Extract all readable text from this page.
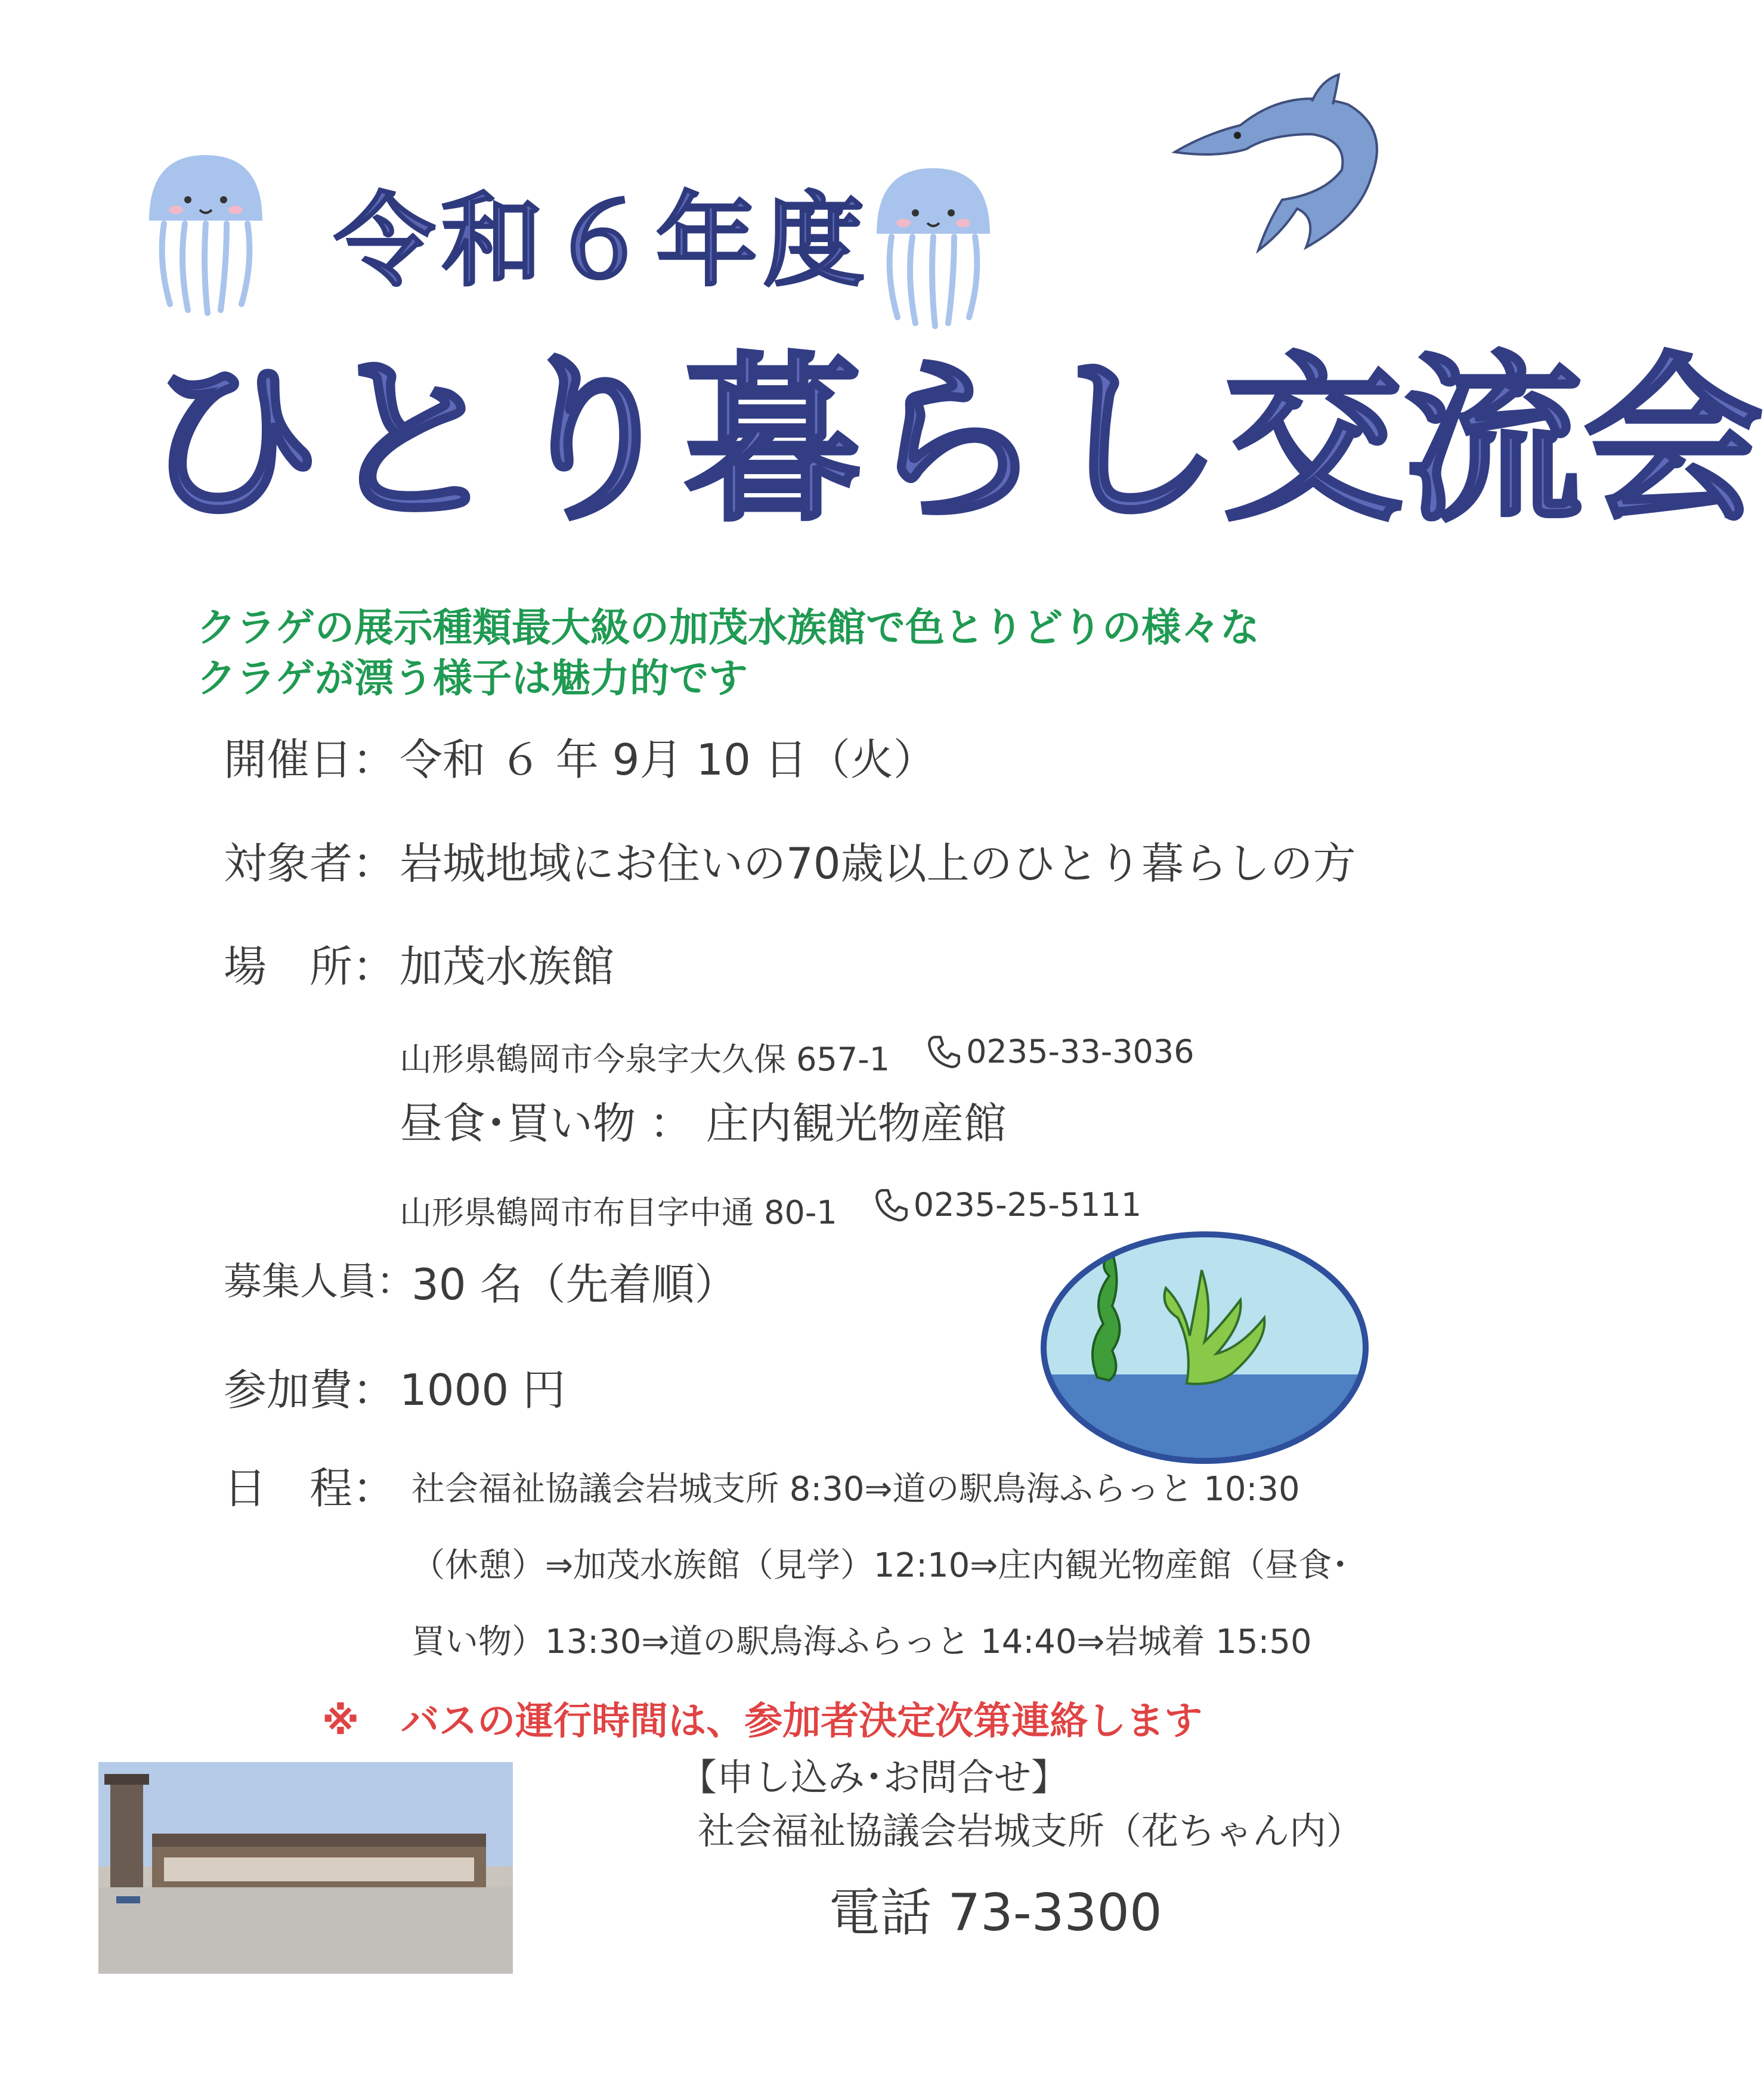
令和６年度
ひとり暮らし交流会
クラゲの展示種類最大級の加茂水族館で色とりどりの様々な
クラゲが漂う様子は魅力的です
開催日： 令和 ６ 年 9月 10 日（火）
対象者： 岩城地域にお住いの70歳以上のひとり暮らしの方
場　所： 加茂水族館
山形県鶴岡市今泉字大久保 657-1 0235-33-3036
昼食･買い物 ： 庄内観光物産館
山形県鶴岡市布目字中通 80-1 0235-25-5111
募集人員：
30 名（先着順）
参加費： 1000 円
日　程： 社会福祉協議会岩城支所 8:30⇒道の駅鳥海ふらっと 10:30
（休憩）⇒加茂水族館（見学）12:10⇒庄内観光物産館（昼食･
買い物）13:30⇒道の駅鳥海ふらっと 14:40⇒岩城着 15:50
※ バスの運行時間は、参加者決定次第連絡します
【申し込み･お問合せ】
社会福祉協議会岩城支所（花ちゃん内）
電話 73-3300
